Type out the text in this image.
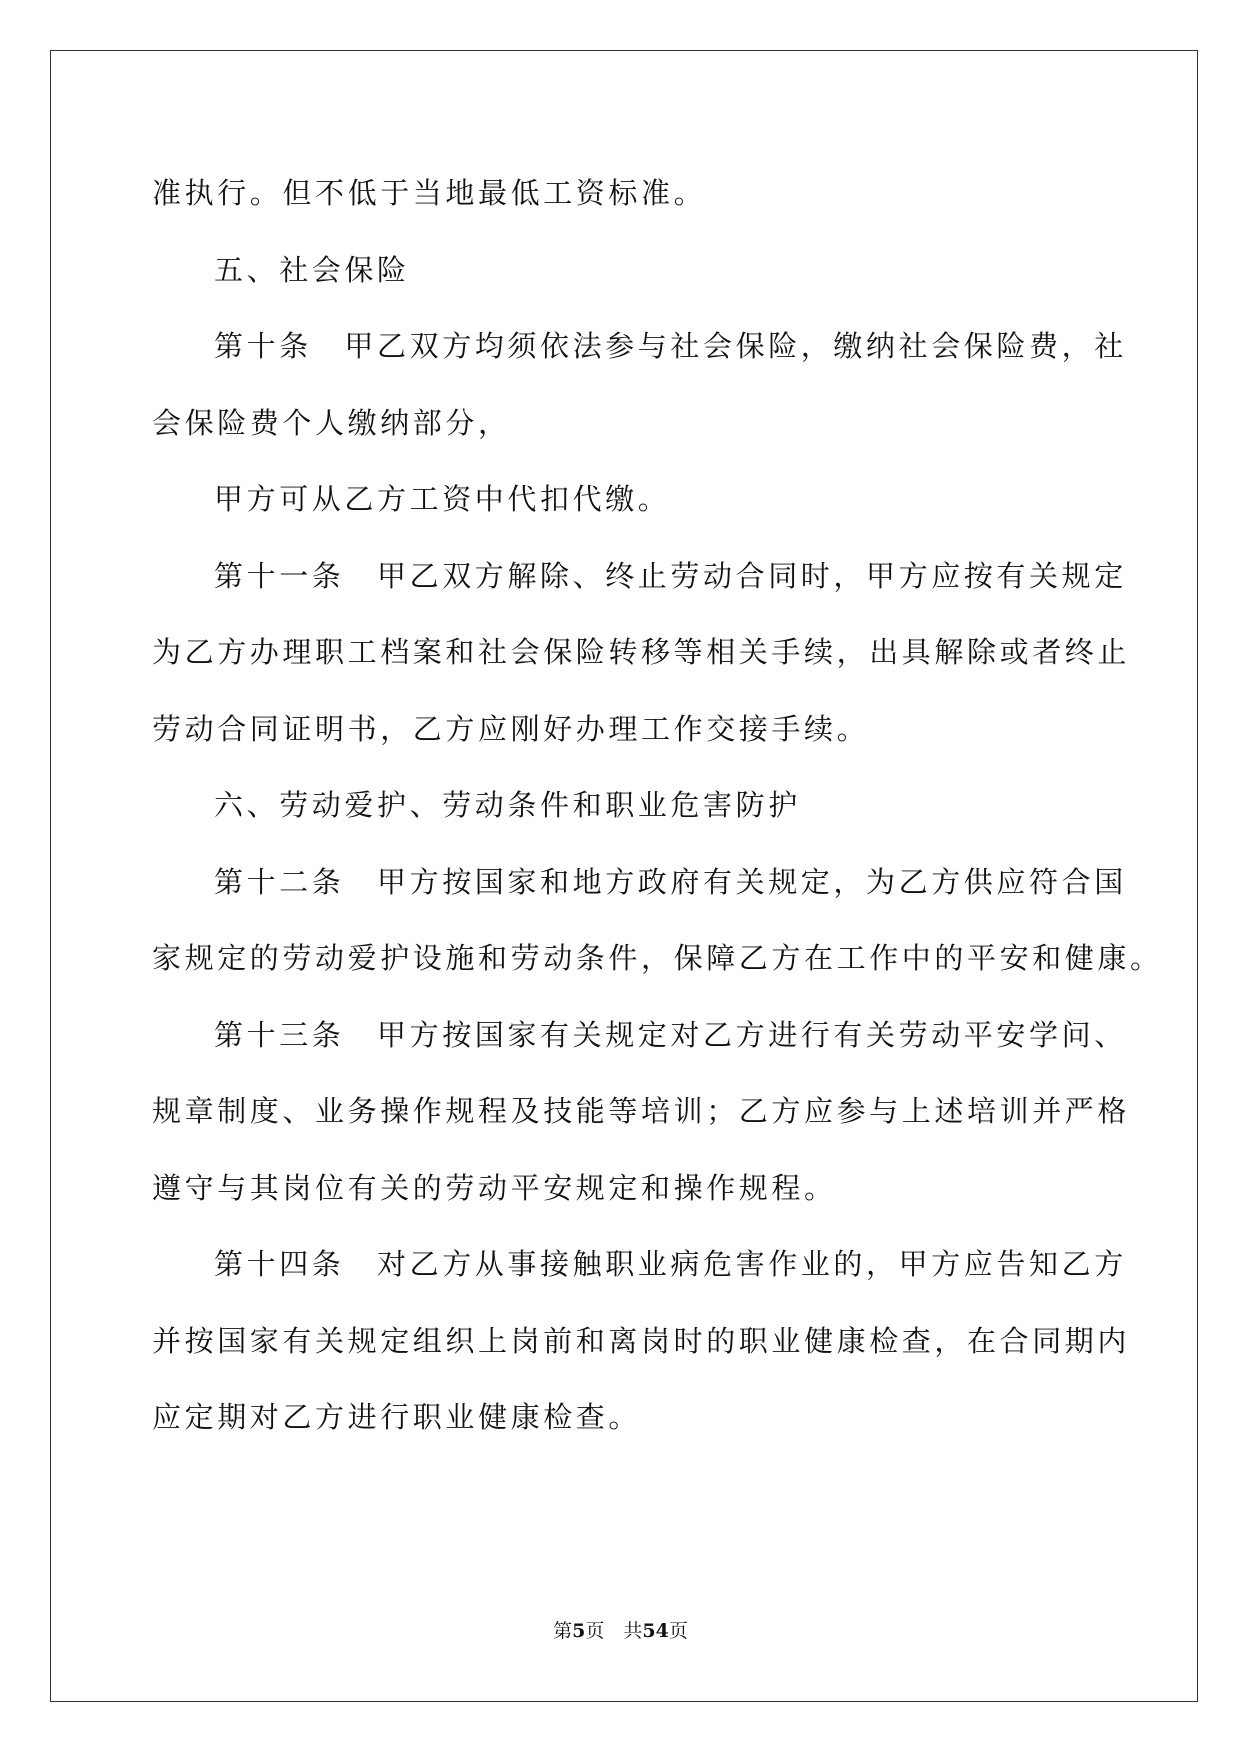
准执行。但不低于当地最低工资标准。
五、社会保险
第十条　甲乙双方均须依法参与社会保险，缴纳社会保险费，社
会保险费个人缴纳部分，
甲方可从乙方工资中代扣代缴。
第十一条　甲乙双方解除、终止劳动合同时，甲方应按有关规定
为乙方办理职工档案和社会保险转移等相关手续，出具解除或者终止
劳动合同证明书，乙方应刚好办理工作交接手续。
六、劳动爱护、劳动条件和职业危害防护
第十二条　甲方按国家和地方政府有关规定，为乙方供应符合国
家规定的劳动爱护设施和劳动条件，保障乙方在工作中的平安和健康。
第十三条　甲方按国家有关规定对乙方进行有关劳动平安学问、
规章制度、业务操作规程及技能等培训；乙方应参与上述培训并严格
遵守与其岗位有关的劳动平安规定和操作规程。
第十四条　对乙方从事接触职业病危害作业的，甲方应告知乙方
并按国家有关规定组织上岗前和离岗时的职业健康检查，在合同期内
应定期对乙方进行职业健康检查。
第5页　共54页
